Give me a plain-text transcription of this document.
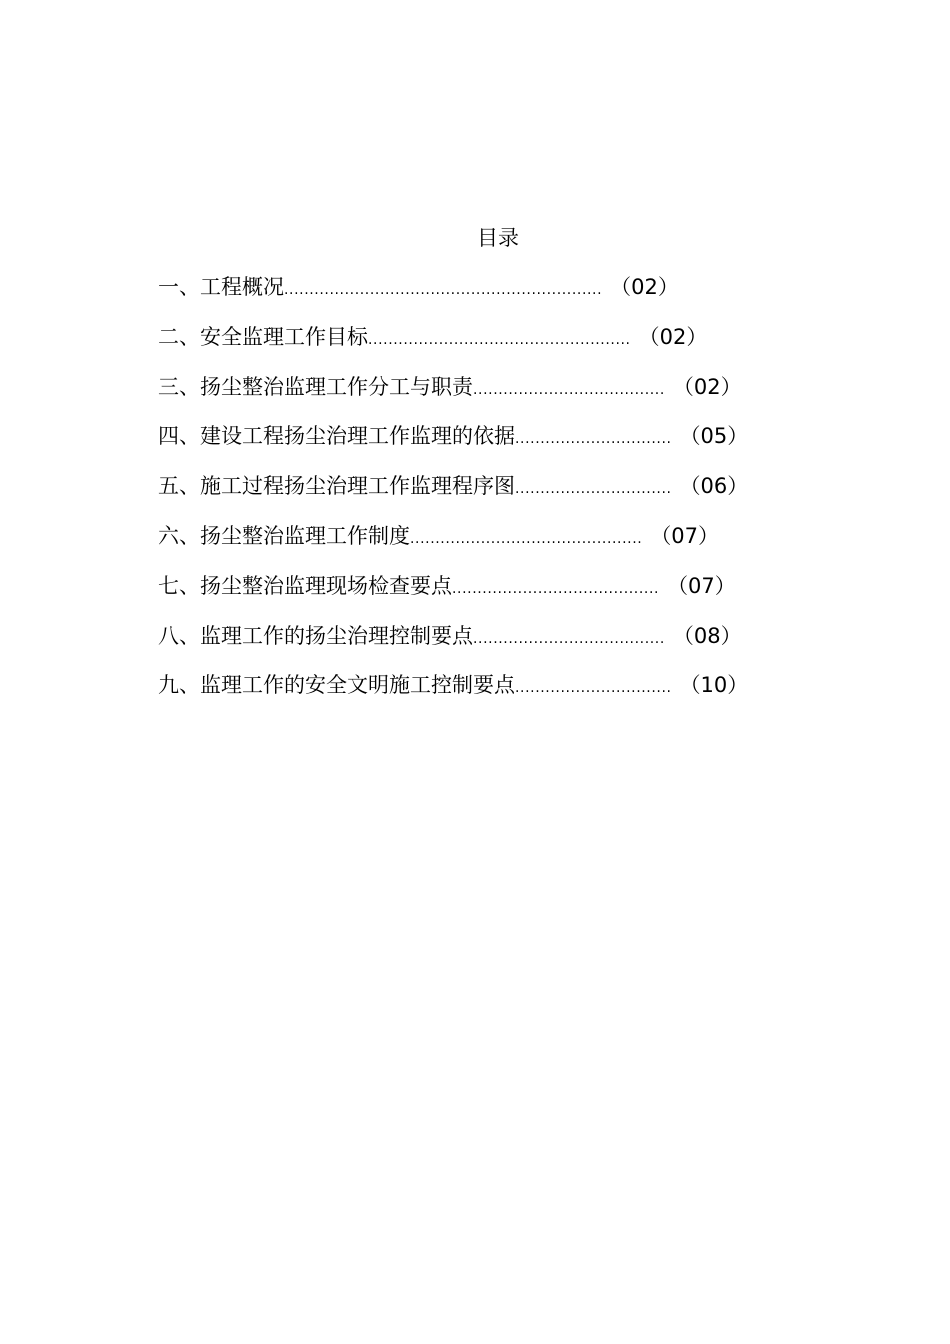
目录
一、 工程概况 ............................................................... （02）
二、 安全监理工作目标 .................................................... （02）
三、 扬尘整治监理工作分工与职责 ...................................... （02）
四、 建设工程扬尘治理工作监理的依据 ............................... （05）
五、 施工过程扬尘治理工作监理程序图 ............................... （06）
六、 扬尘整治监理工作制度 .............................................. （07）
七、 扬尘整治监理现场检查要点 ......................................... （07）
八、 监理工作的扬尘治理控制要点 ...................................... （08）
九、 监理工作的安全文明施工控制要点 ............................... （10）
